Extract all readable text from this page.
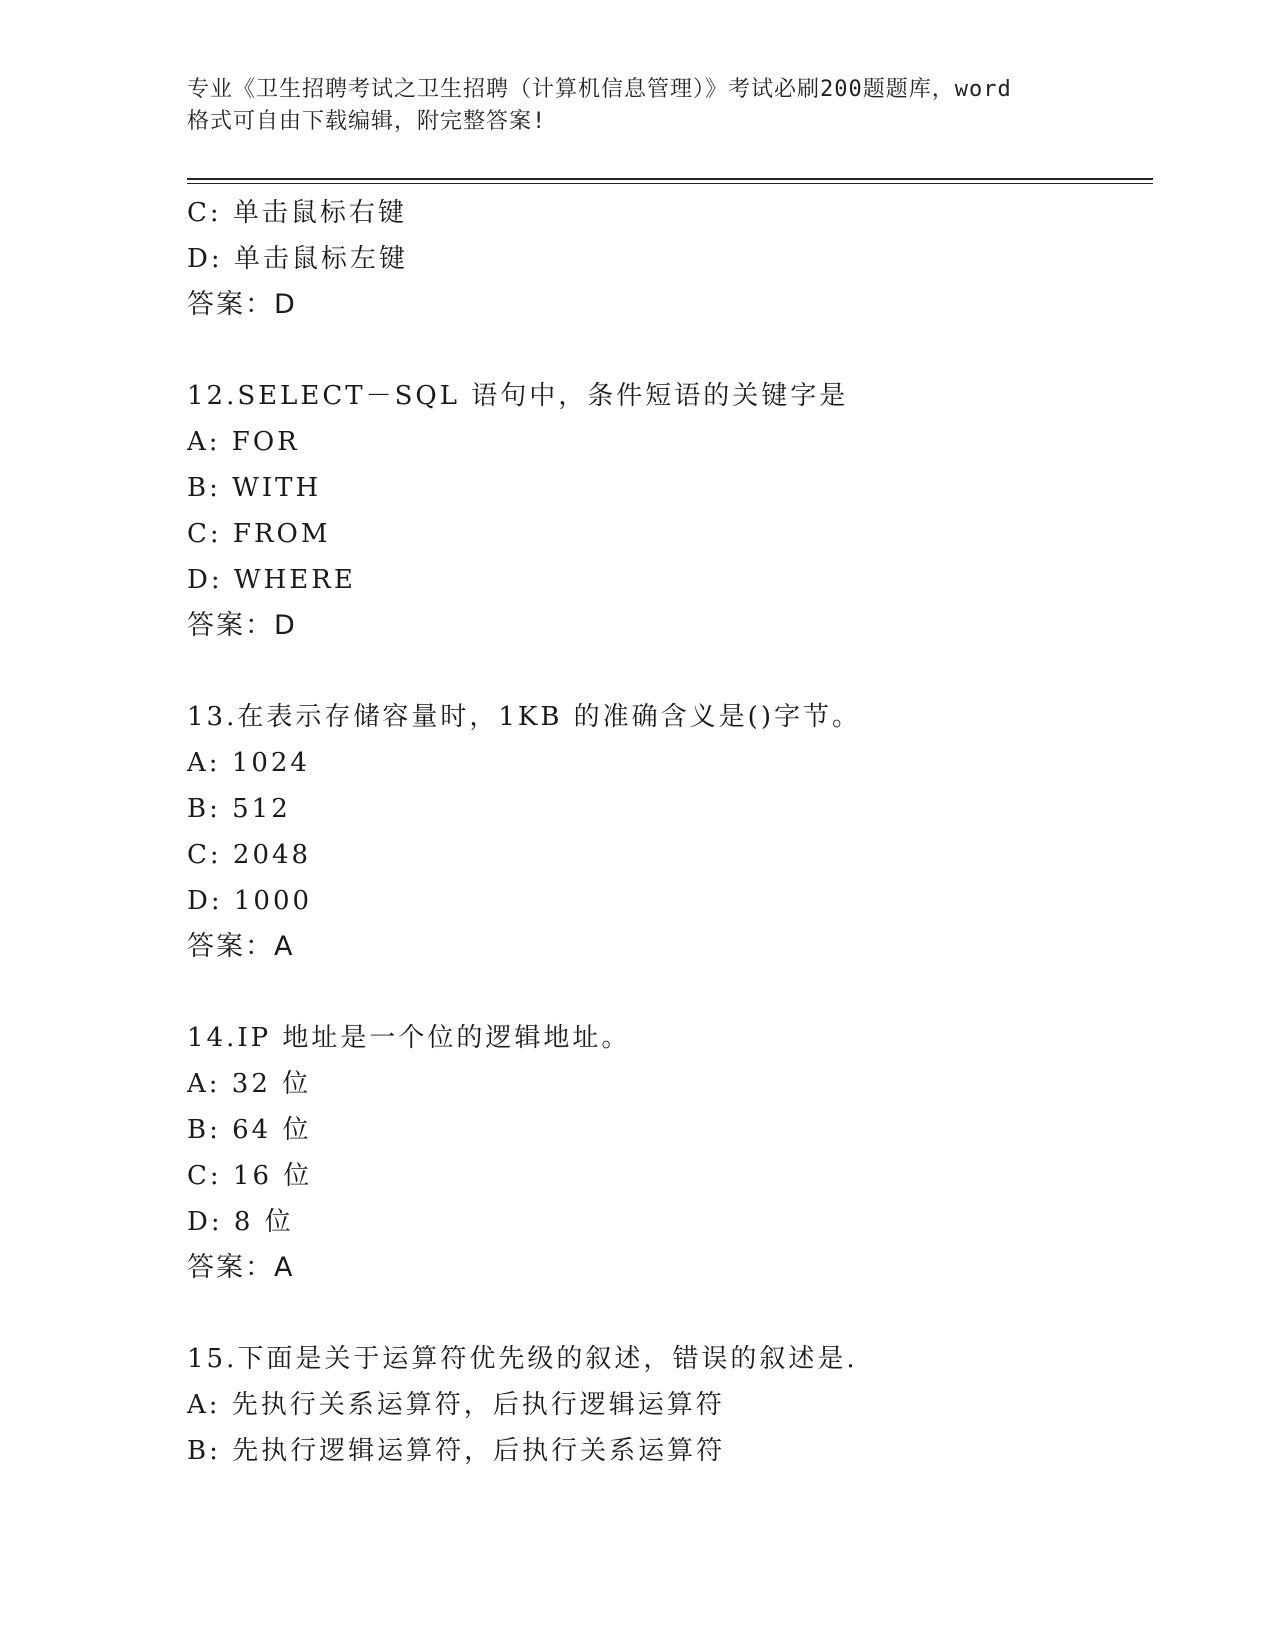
专业《卫生招聘考试之卫生招聘（计算机信息管理）》考试必刷200题题库，word
格式可自由下载编辑，附完整答案!
C: 单击鼠标右键
D: 单击鼠标左键
答案：D
12.SELECT－SQL 语句中，条件短语的关键字是
A: FOR
B: WITH
C: FROM
D: WHERE
答案：D
13.在表示存储容量时，1KB 的准确含义是()字节。
A: 1024
B: 512
C: 2048
D: 1000
答案：A
14.IP 地址是一个位的逻辑地址。
A: 32 位
B: 64 位
C: 16 位
D: 8 位
答案：A
15.下面是关于运算符优先级的叙述，错误的叙述是.
A: 先执行关系运算符，后执行逻辑运算符
B: 先执行逻辑运算符，后执行关系运算符
